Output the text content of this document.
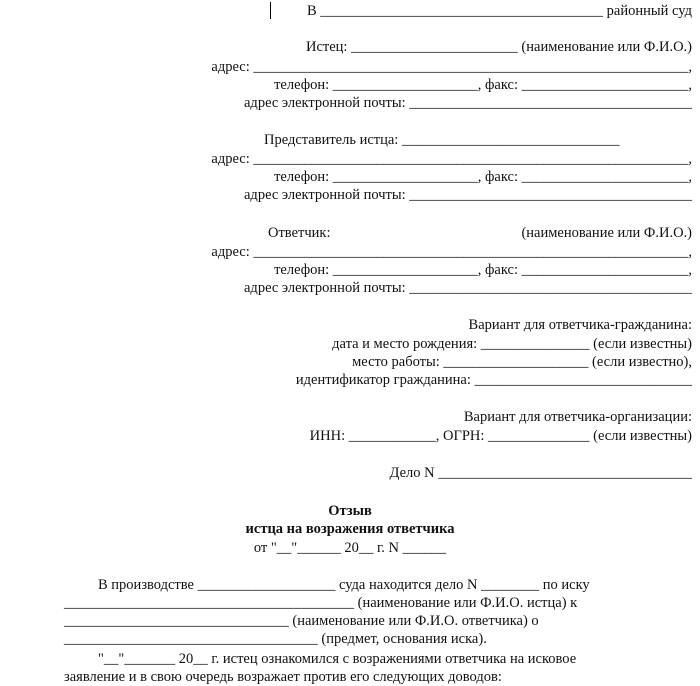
В _______________________________________ районный суд
Истец: _______________________ (наименование или Ф.И.О.)
адрес: ____________________________________________________________,
телефон: ____________________, факс: _______________________,
адрес электронной почты: _______________________________________
Представитель истца: ______________________________
адрес: ____________________________________________________________,
телефон: ____________________, факс: _______________________,
адрес электронной почты: _______________________________________
Ответчик:	(наименование или Ф.И.О.)
адрес: ____________________________________________________________,
телефон: ____________________, факс: _______________________,
адрес электронной почты: _______________________________________
Вариант для ответчика-гражданина:
дата и место рождения: _______________ (если известны)
место работы: ____________________ (если известно),
идентификатор гражданина: ______________________________
Вариант для ответчика-организации:
ИНН: ____________, ОГРН: ______________ (если известны)
Дело N ___________________________________
Отзыв
истца на возражения ответчика
от "__"______ 20__ г. N ______
В производстве ___________________ суда находится дело N ________ по иску
________________________________________ (наименование или Ф.И.О. истца) к
_______________________________ (наименование или Ф.И.О. ответчика) о
___________________________________ (предмет, основания иска).
"__"_______ 20__ г. истец ознакомился с возражениями ответчика на исковое
заявление и в свою очередь возражает против его следующих доводов:
